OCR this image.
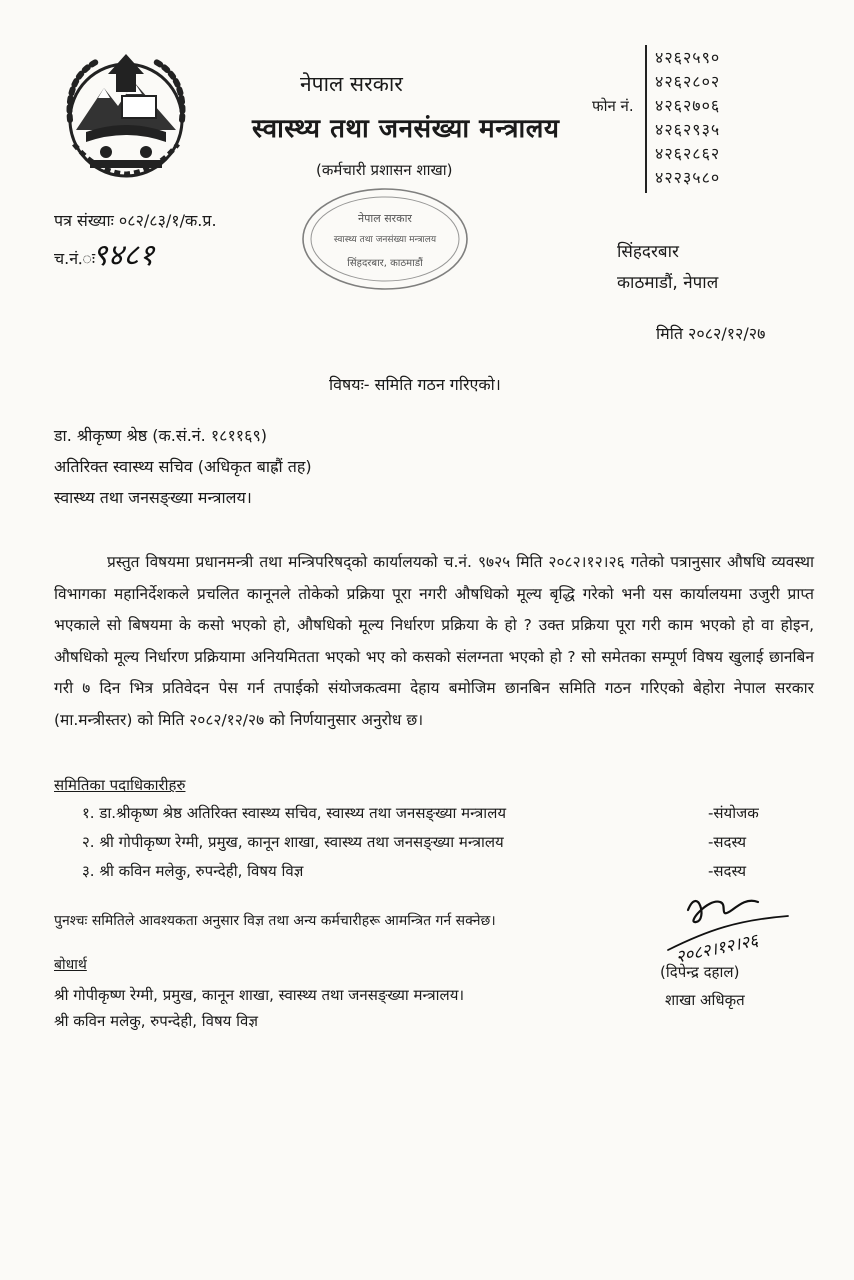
नेपाल सरकार
स्वास्थ्य तथा जनसंख्या मन्त्रालय
(कर्मचारी प्रशासन शाखा)
नेपाल सरकार
स्वास्थ्य तथा जनसंख्या मन्त्रालय
सिंहदरबार, काठमाडौं
फोन नं.
४२६२५९०
४२६२८०२
४२६२७०६
४२६२९३५
४२६२८६२
४२२३५८०
पत्र संख्याः ०८२/८३/१/क.प्र.
च.नं.ः
९४८१	सिंहदरबार
काठमाडौं, नेपाल
मिति २०८२/१२/२७
विषयः- समिति गठन गरिएको।
डा. श्रीकृष्ण श्रेष्ठ (क.सं.नं. १८११६९)
अतिरिक्त स्वास्थ्य सचिव (अधिकृत बाह्रौं तह)
स्वास्थ्य तथा जनसङ्ख्या मन्त्रालय।
प्रस्तुत विषयमा प्रधानमन्त्री तथा मन्त्रिपरिषद्को कार्यालयको च.नं. ९७२५ मिति २०८२।१२।२६ गतेको पत्रानुसार औषधि व्यवस्था विभागका महानिर्देशकले प्रचलित कानूनले तोकेको प्रक्रिया पूरा नगरी औषधिको मूल्य बृद्धि गरेको भनी यस कार्यालयमा उजुरी प्राप्त भएकाले सो बिषयमा के कसो भएको हो, औषधिको मूल्य निर्धारण प्रक्रिया के हो ? उक्त प्रक्रिया पूरा गरी काम भएको हो वा होइन, औषधिको मूल्य निर्धारण प्रक्रियामा अनियमितता भएको भए को कसको संलग्नता भएको हो ? सो समेतका सम्पूर्ण विषय खुलाई छानबिन गरी ७ दिन भित्र प्रतिवेदन पेस गर्न तपाईको संयोजकत्वमा देहाय बमोजिम छानबिन समिति गठन गरिएको बेहोरा नेपाल सरकार (मा.मन्त्रीस्तर) को मिति २०८२/१२/२७ को निर्णयानुसार अनुरोध छ।
समितिका पदाधिकारीहरु
१. डा.श्रीकृष्ण श्रेष्ठ अतिरिक्त स्वास्थ्य सचिव, स्वास्थ्य तथा जनसङ्ख्या मन्त्रालय	-संयोजक
२. श्री गोपीकृष्ण रेग्मी, प्रमुख, कानून शाखा, स्वास्थ्य तथा जनसङ्ख्या मन्त्रालय	-सदस्य
३. श्री कविन मलेकु, रुपन्देही, विषय विज्ञ	-सदस्य
पुनश्चः समितिले आवश्यकता अनुसार विज्ञ तथा अन्य कर्मचारीहरू आमन्त्रित गर्न सक्नेछ।
बोधार्थ
श्री गोपीकृष्ण रेग्मी, प्रमुख, कानून शाखा, स्वास्थ्य तथा जनसङ्ख्या मन्त्रालय।
श्री कविन मलेकु, रुपन्देही, विषय विज्ञ
२०८२।१२।२६
(दिपेन्द्र दहाल)
शाखा अधिकृत
